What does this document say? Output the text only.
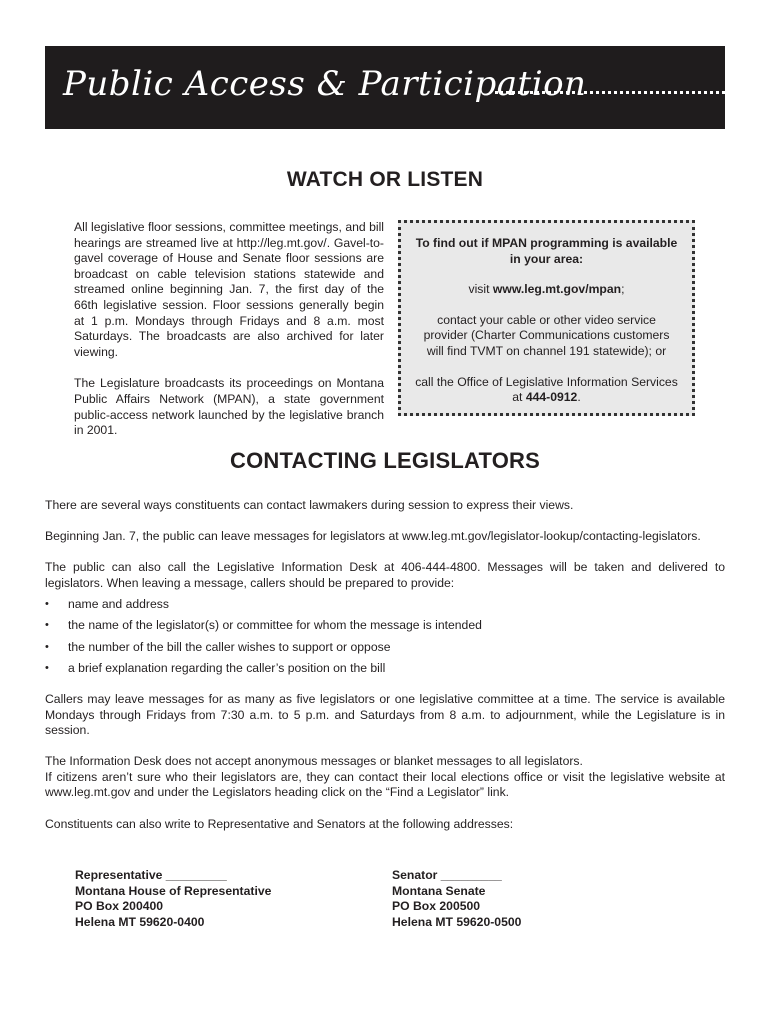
Public Access & Participation
WATCH OR LISTEN

All legislative floor sessions, committee meetings, and bill hearings are streamed live at http://leg.mt.gov/. Gavel-to-gavel coverage of House and Senate floor sessions are broadcast on cable television stations statewide and streamed online beginning Jan. 7, the first day of the 66th legislative session. Floor sessions generally begin at 1 p.m. Mondays through Fridays and 8 a.m. most Saturdays. The broadcasts are also archived for later viewing.

The Legislature broadcasts its proceedings on Montana Public Affairs Network (MPAN), a state government public-access network launched by the legislative branch in 2001.

To find out if MPAN programming is available in your area:

visit www.leg.mt.gov/mpan;

contact your cable or other video service provider (Charter Communications customers will find TVMT on channel 191 statewide); or

call the Office of Legislative Information Services at 444-0912.

CONTACTING LEGISLATORS

There are several ways constituents can contact lawmakers during session to express their views.

Beginning Jan. 7, the public can leave messages for legislators at www.leg.mt.gov/legislator-lookup/contacting-legislators.

The public can also call the Legislative Information Desk at 406-444-4800. Messages will be taken and delivered to legislators. When leaving a message, callers should be prepared to provide:

• name and address
• the name of the legislator(s) or committee for whom the message is intended
• the number of the bill the caller wishes to support or oppose
• a brief explanation regarding the caller’s position on the bill

Callers may leave messages for as many as five legislators or one legislative committee at a time. The service is available Mondays through Fridays from 7:30 a.m. to 5 p.m. and Saturdays from 8 a.m. to adjournment, while the Legislature is in session.

The Information Desk does not accept anonymous messages or blanket messages to all legislators.
If citizens aren’t sure who their legislators are, they can contact their local elections office or visit the legislative website at www.leg.mt.gov and under the Legislators heading click on the “Find a Legislator” link.

Constituents can also write to Representative and Senators at the following addresses:

Representative _________
Montana House of Representative
PO Box 200400
Helena MT 59620-0400
Senator _________
Montana Senate
PO Box 200500
Helena MT 59620-0500
